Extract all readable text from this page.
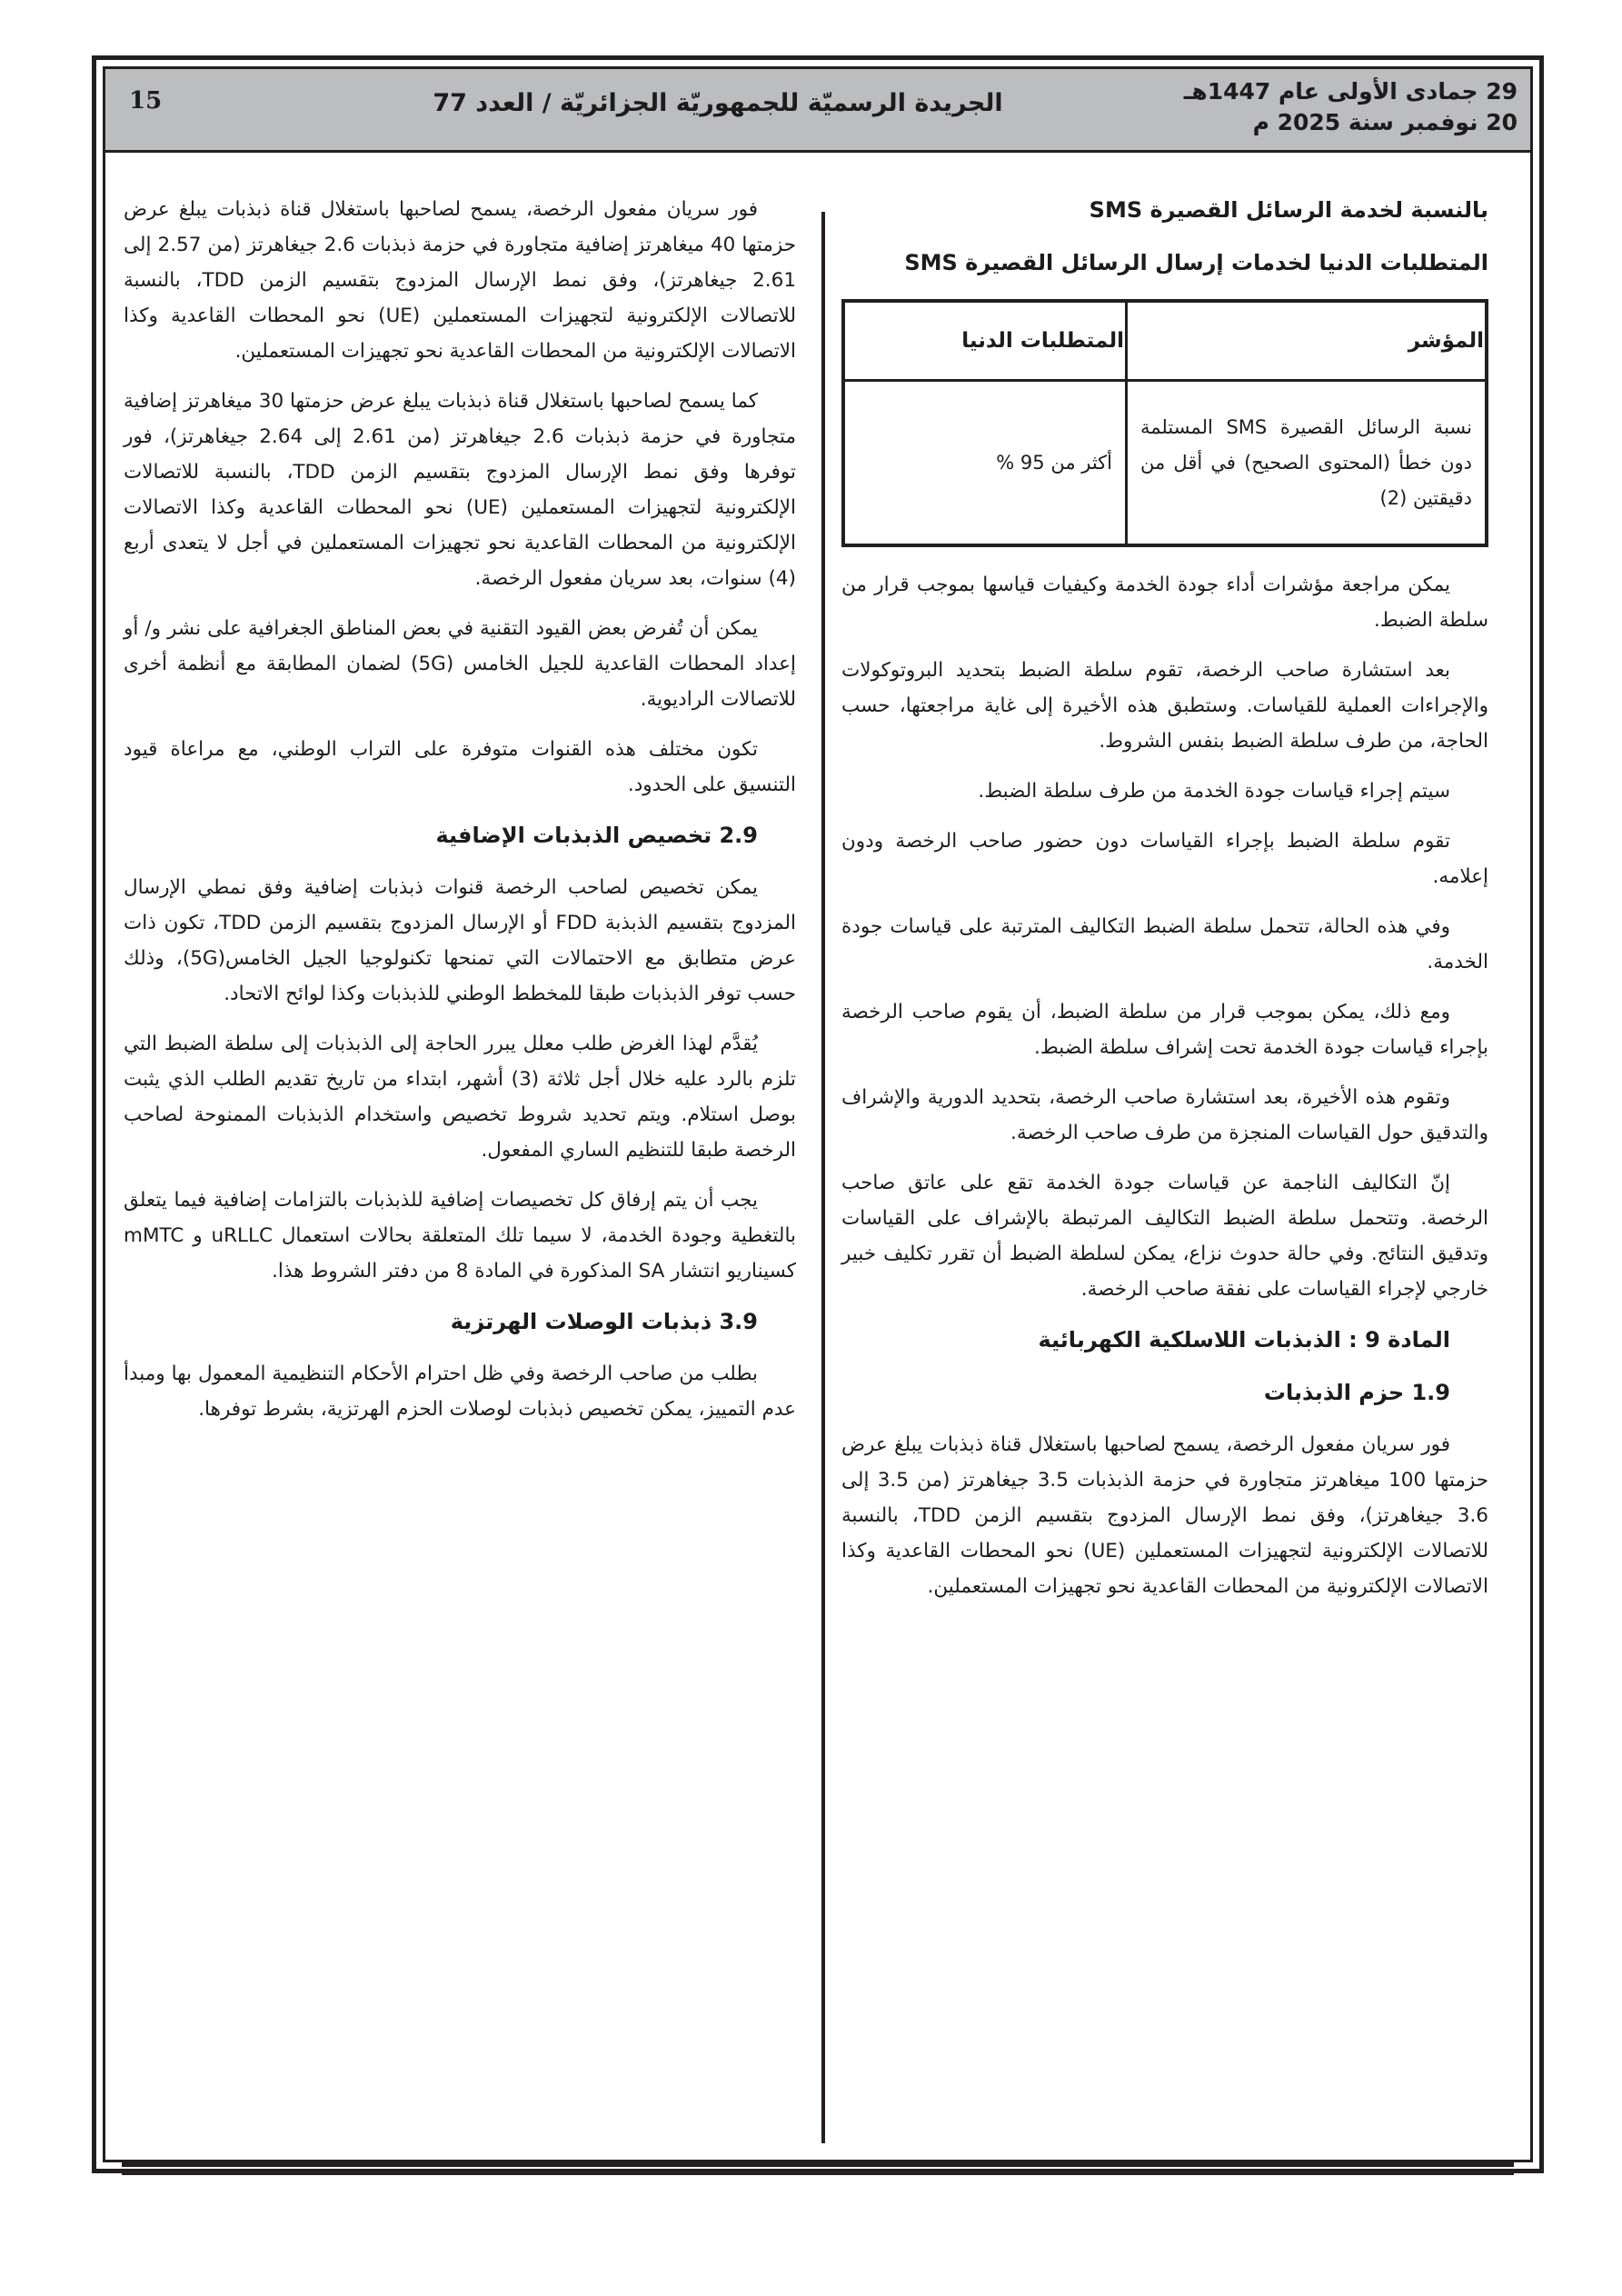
29 جمادى الأولى عام 1447هـ
20 نوفمبر سنة 2025 م
الجريدة الرسميّة للجمهوريّة الجزائريّة / العدد 77
15
بالنسبة لخدمة الرسائل القصيرة SMS
المتطلبات الدنيا لخدمات إرسال الرسائل القصيرة SMS
المؤشر	المتطلبات الدنيا
نسبة الرسائل القصيرة SMS المستلمة دون خطأ (المحتوى الصحيح) في أقل من دقيقتين (2)	أكثر من 95 %

يمكن مراجعة مؤشرات أداء جودة الخدمة وكيفيات قياسها بموجب قرار من سلطة الضبط.

بعد استشارة صاحب الرخصة، تقوم سلطة الضبط بتحديد البروتوكولات والإجراءات العملية للقياسات. وستطبق هذه الأخيرة إلى غاية مراجعتها، حسب الحاجة، من طرف سلطة الضبط بنفس الشروط.

سيتم إجراء قياسات جودة الخدمة من طرف سلطة الضبط.

تقوم سلطة الضبط بإجراء القياسات دون حضور صاحب الرخصة ودون إعلامه.

وفي هذه الحالة، تتحمل سلطة الضبط التكاليف المترتبة على قياسات جودة الخدمة.

ومع ذلك، يمكن بموجب قرار من سلطة الضبط، أن يقوم صاحب الرخصة بإجراء قياسات جودة الخدمة تحت إشراف سلطة الضبط.

وتقوم هذه الأخيرة، بعد استشارة صاحب الرخصة، بتحديد الدورية والإشراف والتدقيق حول القياسات المنجزة من طرف صاحب الرخصة.

إنّ التكاليف الناجمة عن قياسات جودة الخدمة تقع على عاتق صاحب الرخصة. وتتحمل سلطة الضبط التكاليف المرتبطة بالإشراف على القياسات وتدقيق النتائج. وفي حالة حدوث نزاع، يمكن لسلطة الضبط أن تقرر تكليف خبير خارجي لإجراء القياسات على نفقة صاحب الرخصة.

المادة 9 : الذبذبات اللاسلكية الكهربائية
1.9 حزم الذبذبات

فور سريان مفعول الرخصة، يسمح لصاحبها باستغلال قناة ذبذبات يبلغ عرض حزمتها 100 ميغاهرتز متجاورة في حزمة الذبذبات 3.5 جيغاهرتز (من 3.5 إلى 3.6 جيغاهرتز)، وفق نمط الإرسال المزدوج بتقسيم الزمن TDD، بالنسبة للاتصالات الإلكترونية لتجهيزات المستعملين (UE) نحو المحطات القاعدية وكذا الاتصالات الإلكترونية من المحطات القاعدية نحو تجهيزات المستعملين.

فور سريان مفعول الرخصة، يسمح لصاحبها باستغلال قناة ذبذبات يبلغ عرض حزمتها 40 ميغاهرتز إضافية متجاورة في حزمة ذبذبات 2.6 جيغاهرتز (من 2.57 إلى 2.61 جيغاهرتز)، وفق نمط الإرسال المزدوج بتقسيم الزمن TDD، بالنسبة للاتصالات الإلكترونية لتجهيزات المستعملين (UE) نحو المحطات القاعدية وكذا الاتصالات الإلكترونية من المحطات القاعدية نحو تجهيزات المستعملين.

كما يسمح لصاحبها باستغلال قناة ذبذبات يبلغ عرض حزمتها 30 ميغاهرتز إضافية متجاورة في حزمة ذبذبات 2.6 جيغاهرتز (من 2.61 إلى 2.64 جيغاهرتز)، فور توفرها وفق نمط الإرسال المزدوج بتقسيم الزمن TDD، بالنسبة للاتصالات الإلكترونية لتجهيزات المستعملين (UE) نحو المحطات القاعدية وكذا الاتصالات الإلكترونية من المحطات القاعدية نحو تجهيزات المستعملين في أجل لا يتعدى أربع (4) سنوات، بعد سريان مفعول الرخصة.

يمكن أن تُفرض بعض القيود التقنية في بعض المناطق الجغرافية على نشر و/ أو إعداد المحطات القاعدية للجيل الخامس (5G) لضمان المطابقة مع أنظمة أخرى للاتصالات الراديوية.

تكون مختلف هذه القنوات متوفرة على التراب الوطني، مع مراعاة قيود التنسيق على الحدود.

2.9 تخصيص الذبذبات الإضافية

يمكن تخصيص لصاحب الرخصة قنوات ذبذبات إضافية وفق نمطي الإرسال المزدوج بتقسيم الذبذبة FDD أو الإرسال المزدوج بتقسيم الزمن TDD، تكون ذات عرض متطابق مع الاحتمالات التي تمنحها تكنولوجيا الجيل الخامس(5G)، وذلك حسب توفر الذبذبات طبقا للمخطط الوطني للذبذبات وكذا لوائح الاتحاد.

يُقدَّم لهذا الغرض طلب معلل يبرر الحاجة إلى الذبذبات إلى سلطة الضبط التي تلزم بالرد عليه خلال أجل ثلاثة (3) أشهر، ابتداء من تاريخ تقديم الطلب الذي يثبت بوصل استلام. ويتم تحديد شروط تخصيص واستخدام الذبذبات الممنوحة لصاحب الرخصة طبقا للتنظيم الساري المفعول.

يجب أن يتم إرفاق كل تخصيصات إضافية للذبذبات بالتزامات إضافية فيما يتعلق بالتغطية وجودة الخدمة، لا سيما تلك المتعلقة بحالات استعمال uRLLC و mMTC كسيناريو انتشار SA المذكورة في المادة 8 من دفتر الشروط هذا.

3.9 ذبذبات الوصلات الهرتزية

بطلب من صاحب الرخصة وفي ظل احترام الأحكام التنظيمية المعمول بها ومبدأ عدم التمييز، يمكن تخصيص ذبذبات لوصلات الحزم الهرتزية، بشرط توفرها.
